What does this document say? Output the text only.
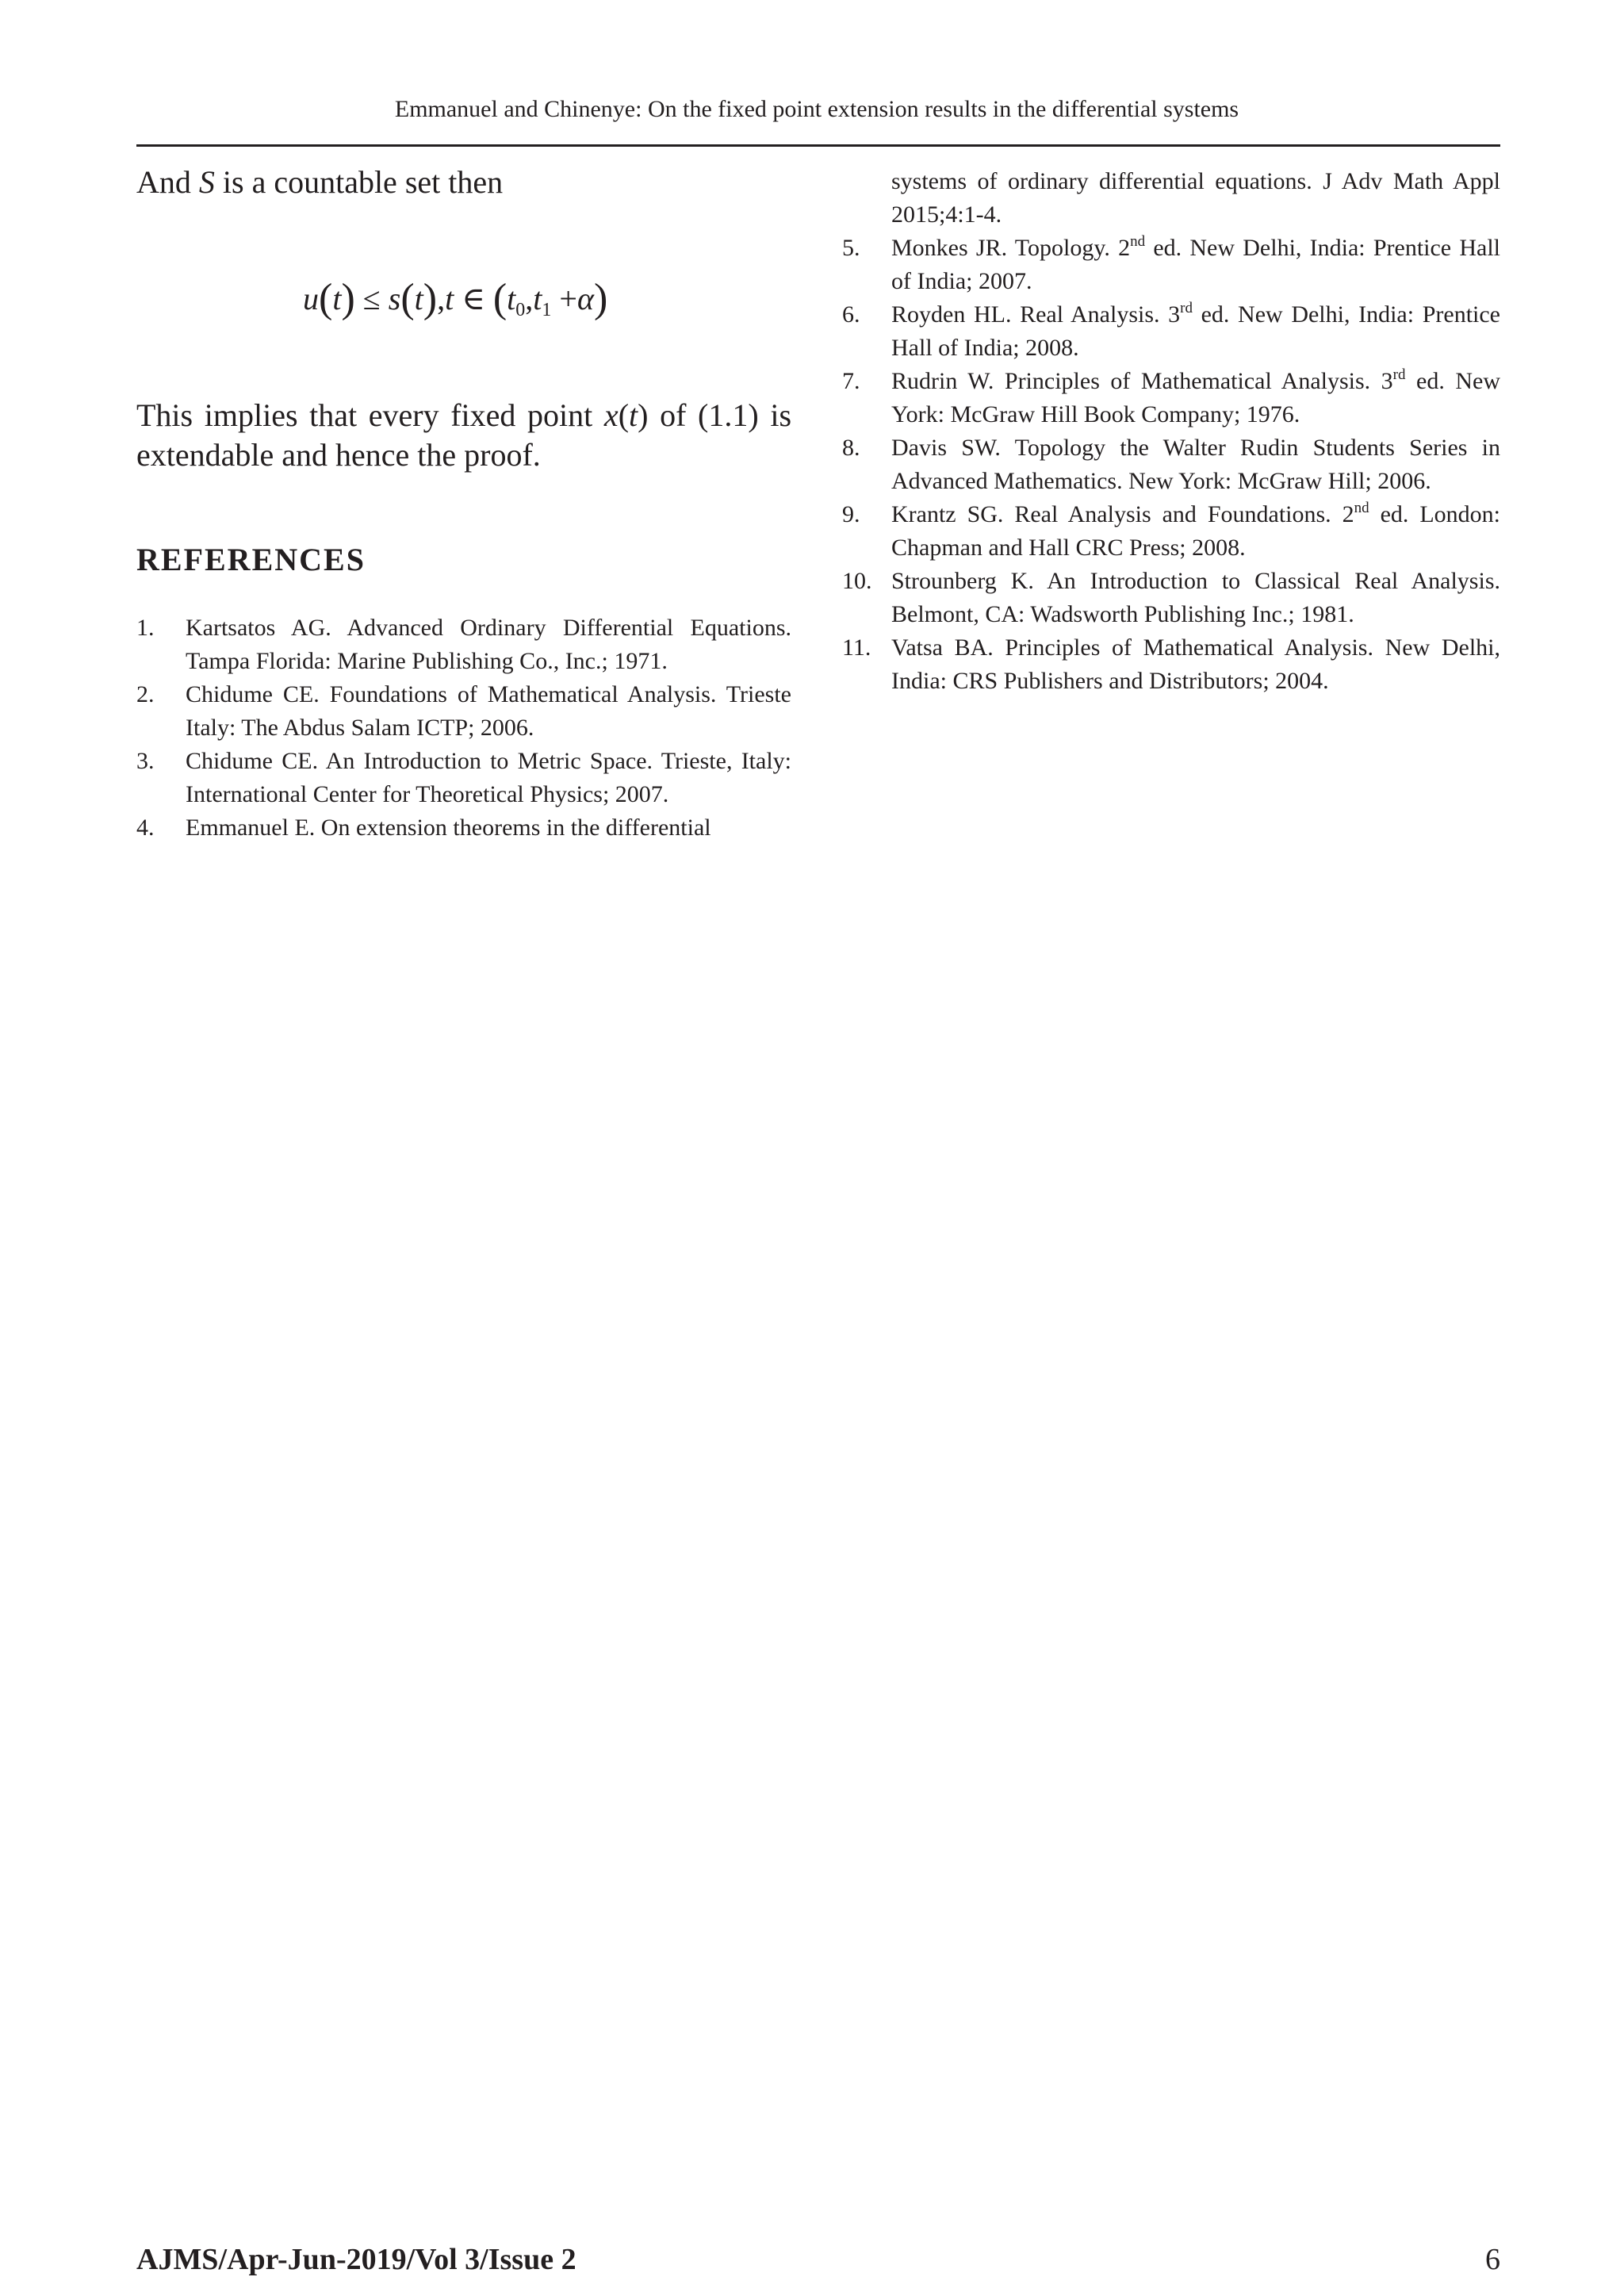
Emmanuel and Chinenye: On the fixed point extension results in the differential systems

And S is a countable set then

u(t) ≤ s(t),t ∈ $(t_0,t_1 +\alpha)$

This implies that every fixed point x(t) of (1.1) is extendable and hence the proof.

REFERENCES
1.	Kartsatos AG. Advanced Ordinary Differential Equations. Tampa Florida: Marine Publishing Co., Inc.; 1971.
2.	Chidume CE. Foundations of Mathematical Analysis. Trieste Italy: The Abdus Salam ICTP; 2006.
3.	Chidume CE. An Introduction to Metric Space. Trieste, Italy: International Center for Theoretical Physics; 2007.
4.	Emmanuel E. On extension theorems in the differential
systems of ordinary differential equations. J Adv Math Appl 2015;4:1-4.
5.	Monkes JR. Topology. 2nd ed. New Delhi, India: Prentice Hall of India; 2007.
6.	Royden HL. Real Analysis. 3rd ed. New Delhi, India: Prentice Hall of India; 2008.
7.	Rudrin W. Principles of Mathematical Analysis. 3rd ed. New York: McGraw Hill Book Company; 1976.
8.	Davis SW. Topology the Walter Rudin Students Series in Advanced Mathematics. New York: McGraw Hill; 2006.
9.	Krantz SG. Real Analysis and Foundations. 2nd ed. London: Chapman and Hall CRC Press; 2008.
10. Strounberg K. An Introduction to Classical Real Analysis. Belmont, CA: Wadsworth Publishing Inc.; 1981.
11. Vatsa BA. Principles of Mathematical Analysis. New Delhi, India: CRS Publishers and Distributors; 2004.
AJMS/Apr-Jun-2019/Vol 3/Issue 2	6
